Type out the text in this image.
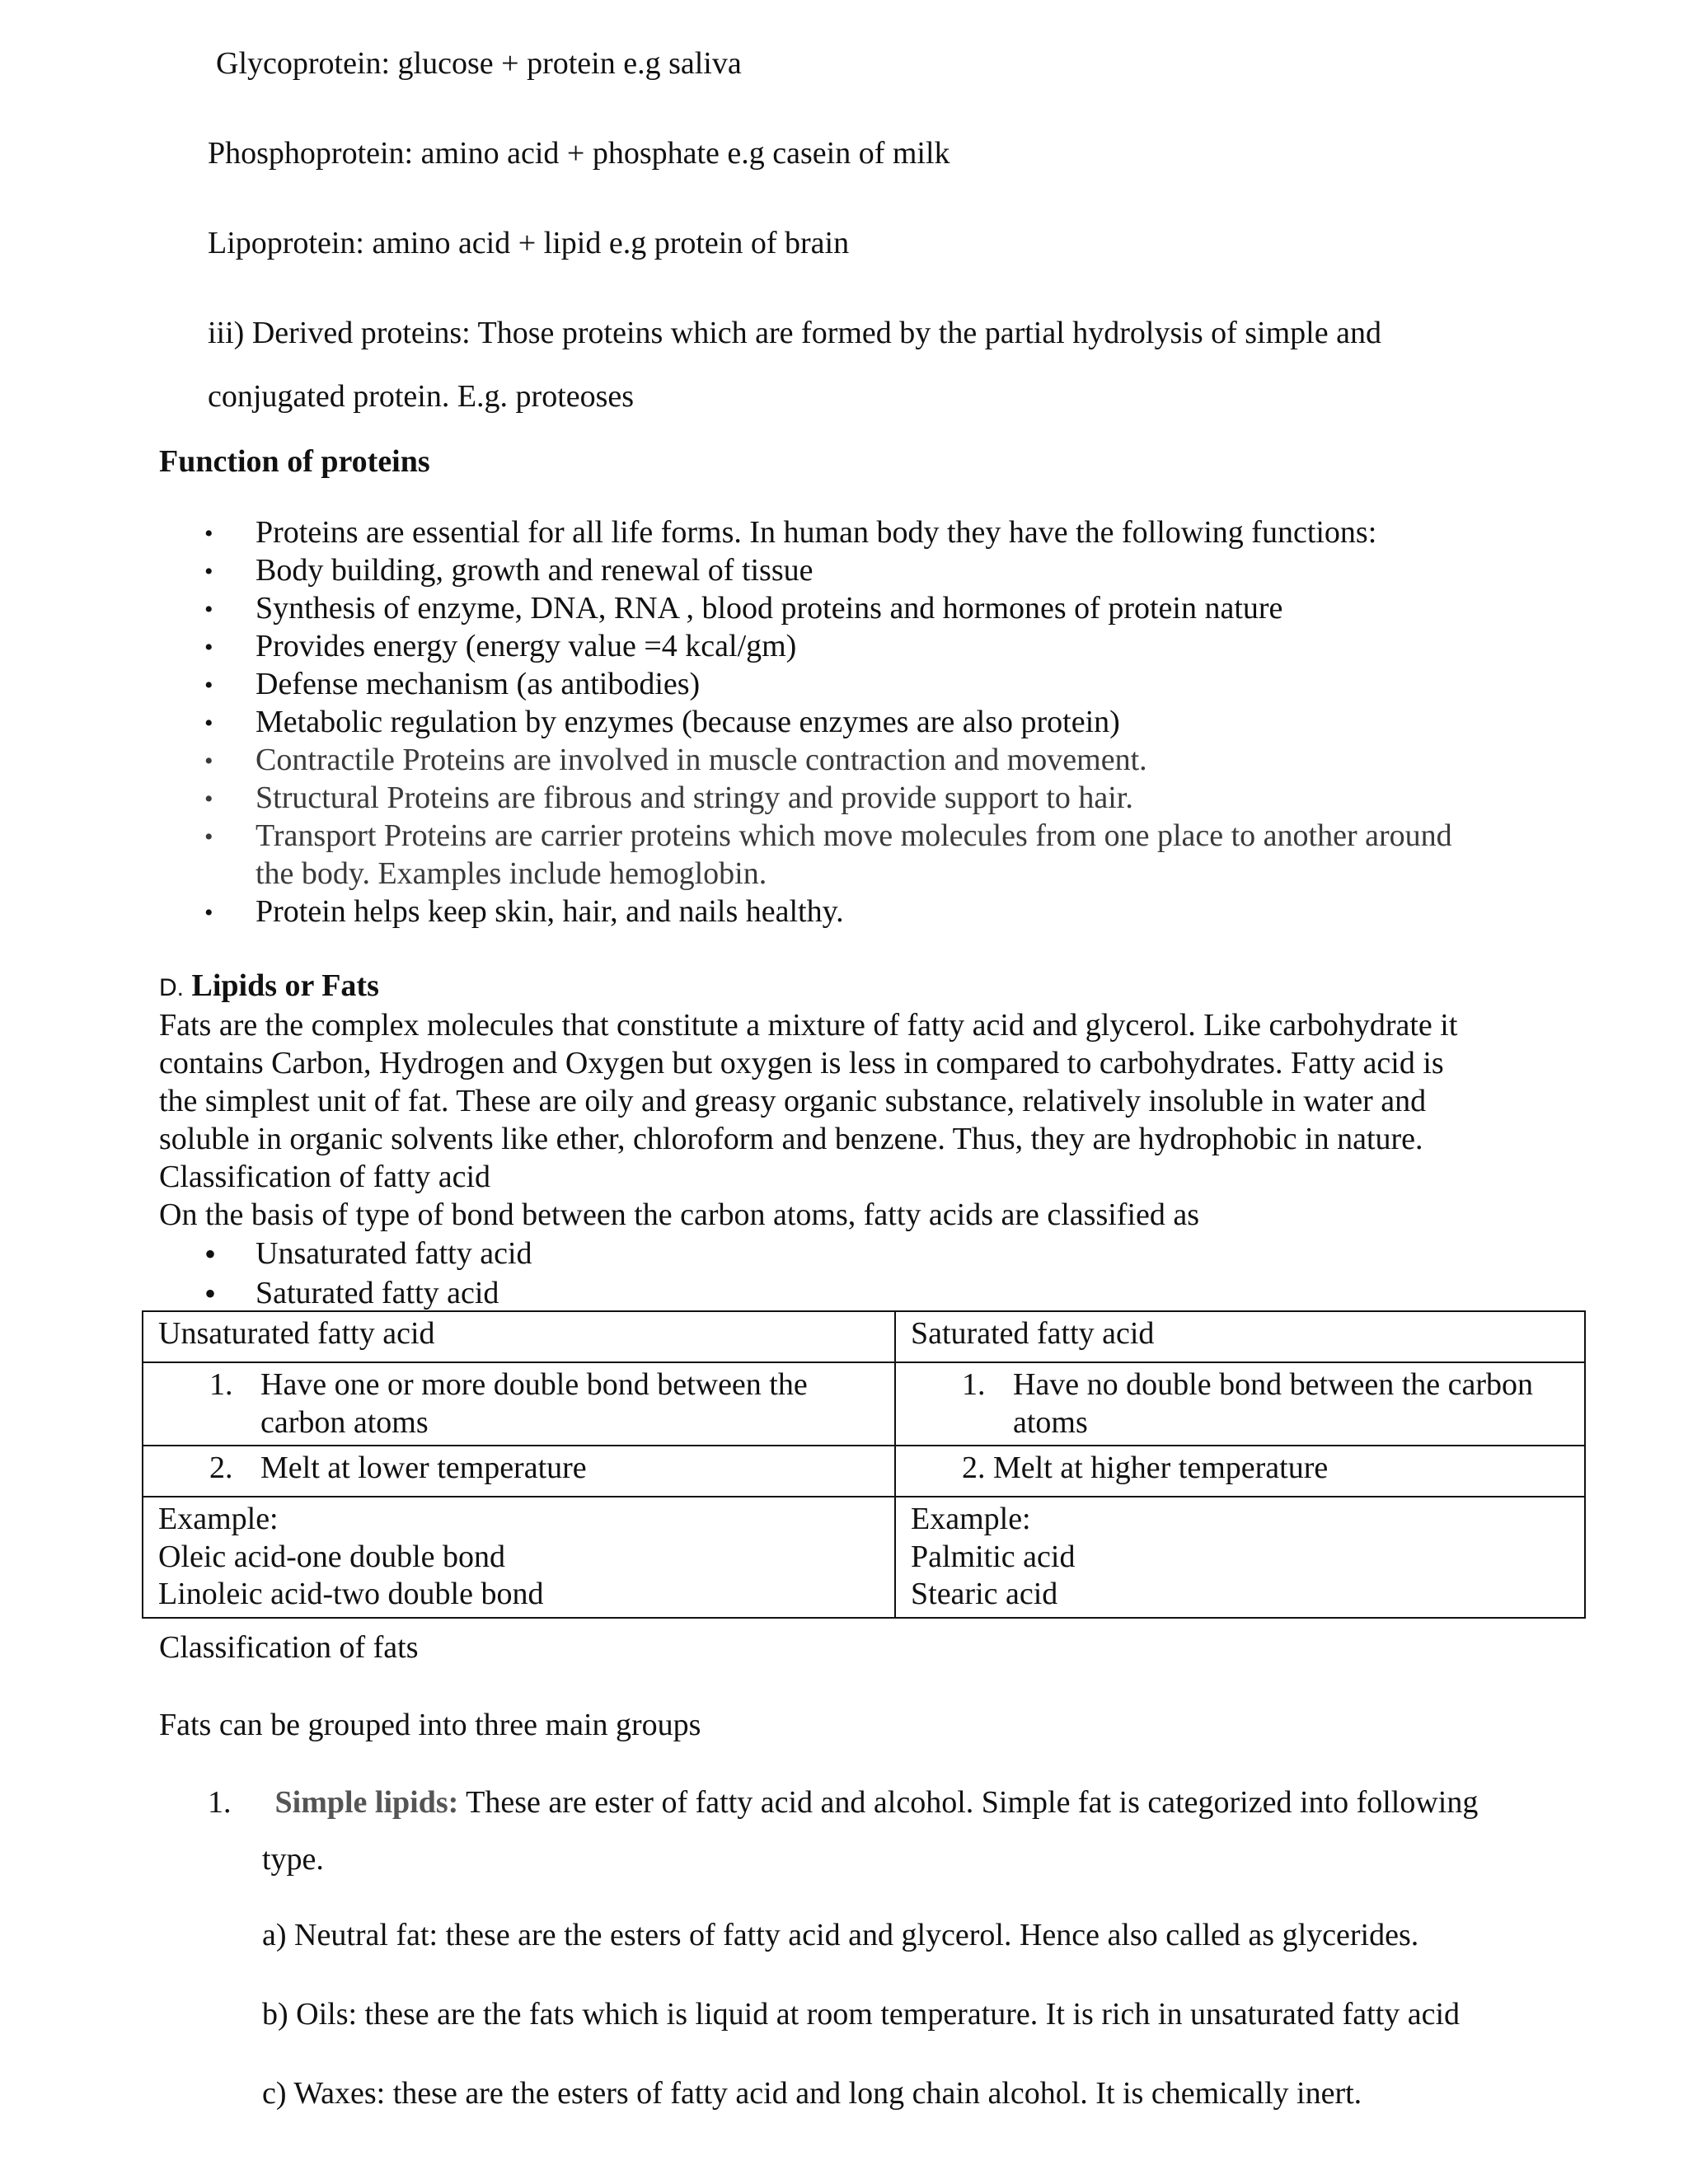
Glycoprotein: glucose + protein e.g saliva
Phosphoprotein: amino acid + phosphate e.g casein of milk
Lipoprotein: amino acid + lipid e.g protein of brain
iii) Derived proteins: Those proteins which are formed by the partial hydrolysis of simple and
conjugated protein. E.g. proteoses
Function of proteins
• Proteins are essential for all life forms. In human body they have the following functions:
• Body building, growth and renewal of tissue
• Synthesis of enzyme, DNA, RNA , blood proteins and hormones of protein nature
• Provides energy (energy value =4 kcal/gm)
• Defense mechanism (as antibodies)
• Metabolic regulation by enzymes (because enzymes are also protein)
• Contractile Proteins are involved in muscle contraction and movement.
• Structural Proteins are fibrous and stringy and provide support to hair.
• Transport Proteins are carrier proteins which move molecules from one place to another around
the body. Examples include hemoglobin.
• Protein helps keep skin, hair, and nails healthy.
D. Lipids or Fats
Fats are the complex molecules that constitute a mixture of fatty acid and glycerol. Like carbohydrate it
contains Carbon, Hydrogen and Oxygen but oxygen is less in compared to carbohydrates. Fatty acid is
the simplest unit of fat. These are oily and greasy organic substance, relatively insoluble in water and
soluble in organic solvents like ether, chloroform and benzene. Thus, they are hydrophobic in nature.
Classification of fatty acid
On the basis of type of bond between the carbon atoms, fatty acids are classified as
• Unsaturated fatty acid
• Saturated fatty acid
Unsaturated fatty acid	Saturated fatty acid

1. Have one or more double bond between the carbon atoms	1. Have no double bond between the carbon atoms

2. Melt at lower temperature	2. Melt at higher temperature

Example:
Oleic acid-one double bond
Linoleic acid-two double bond	Example:
Palmitic acid
Stearic acid
Classification of fats
Fats can be grouped into three main groups
1. Simple lipids: These are ester of fatty acid and alcohol. Simple fat is categorized into following
type.
a) Neutral fat: these are the esters of fatty acid and glycerol. Hence also called as glycerides.
b) Oils: these are the fats which is liquid at room temperature. It is rich in unsaturated fatty acid
c) Waxes: these are the esters of fatty acid and long chain alcohol. It is chemically inert.
